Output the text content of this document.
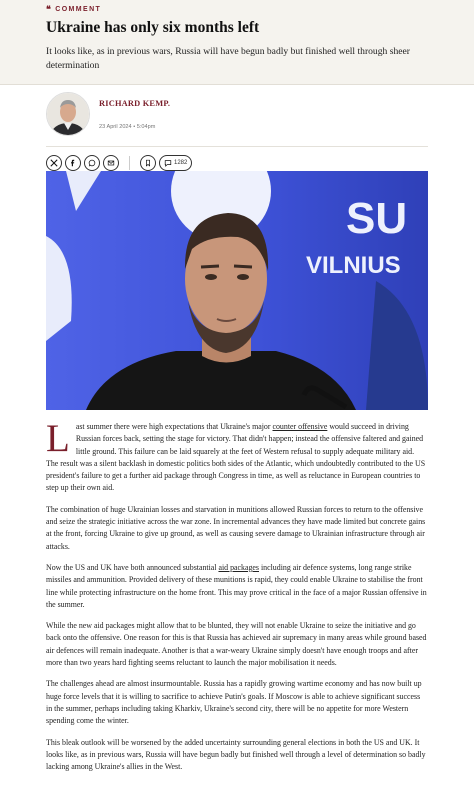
❝ COMMENT
Ukraine has only six months left

It looks like, as in previous wars, Russia will have begun badly but finished well through sheer determination

RICHARD KEMP.
23 April 2024 • 5:04pm
1282
SU
VILNIUS

Last summer there were high expectations that Ukraine's major counter offensive would succeed in driving Russian forces back, setting the stage for victory. That didn't happen; instead the offensive faltered and gained little ground. This failure can be laid squarely at the feet of Western refusal to supply adequate military aid. The result was a silent backlash in domestic politics both sides of the Atlantic, which undoubtedly contributed to the US president's failure to get a further aid package through Congress in time, as well as reluctance in European countries to step up their own aid.

The combination of huge Ukrainian losses and starvation in munitions allowed Russian forces to return to the offensive and seize the strategic initiative across the war zone. In incremental advances they have made limited but concrete gains at the front, forcing Ukraine to give up ground, as well as causing severe damage to Ukrainian infrastructure through air attacks.

Now the US and UK have both announced substantial aid packages including air defence systems, long range strike missiles and ammunition. Provided delivery of these munitions is rapid, they could enable Ukraine to stabilise the front line while protecting infrastructure on the home front. This may prove critical in the face of a major Russian offensive in the summer.

While the new aid packages might allow that to be blunted, they will not enable Ukraine to seize the initiative and go back onto the offensive. One reason for this is that Russia has achieved air supremacy in many areas while ground based air defences will remain inadequate. Another is that a war-weary Ukraine simply doesn't have enough troops and after more than two years hard fighting seems reluctant to launch the major mobilisation it needs.

The challenges ahead are almost insurmountable. Russia has a rapidly growing wartime economy and has now built up huge force levels that it is willing to sacrifice to achieve Putin's goals. If Moscow is able to achieve significant success in the summer, perhaps including taking Kharkiv, Ukraine's second city, there will be no appetite for more Western spending come the winter.

This bleak outlook will be worsened by the added uncertainty surrounding general elections in both the US and UK. It looks like, as in previous wars, Russia will have begun badly but finished well through a level of determination so badly lacking among Ukraine's allies in the West.
